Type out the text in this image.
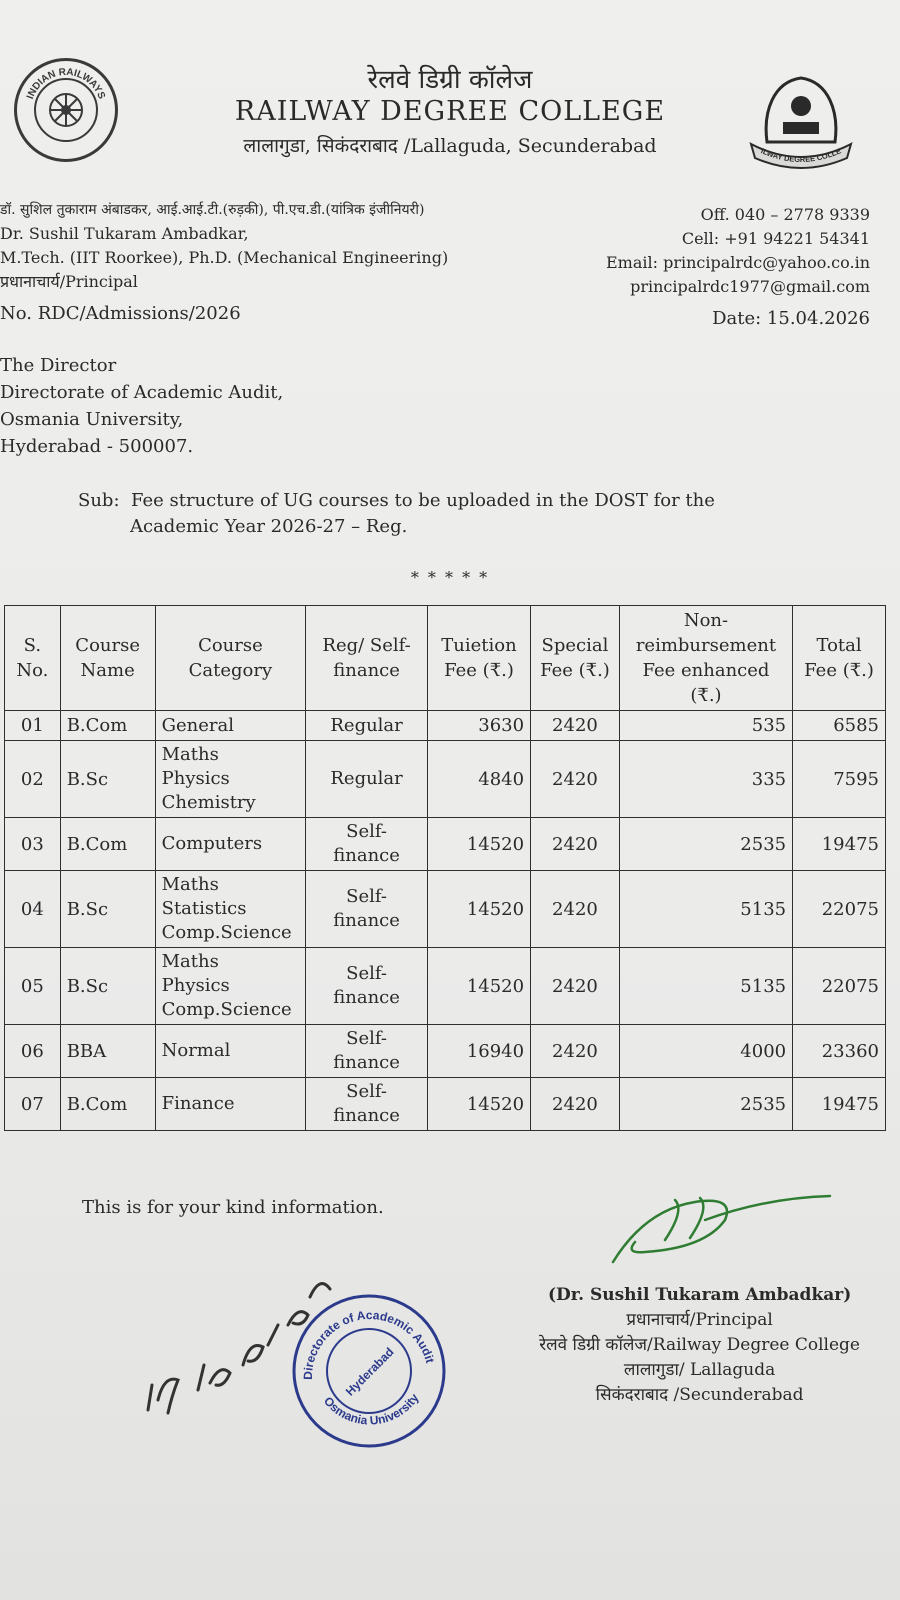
INDIAN RAILWAYS
ILWAY DEGREE COLLE
रेलवे डिग्री कॉलेज
RAILWAY DEGREE COLLEGE
लालागुडा, सिकंदराबाद /Lallaguda, Secunderabad
डॉ. सुशिल तुकाराम अंबाडकर, आई.आई.टी.(रुड़की), पी.एच.डी.(यांत्रिक इंजीनियरी)
Dr. Sushil Tukaram Ambadkar,
M.Tech. (IIT Roorkee), Ph.D. (Mechanical Engineering)
प्रधानाचार्य/Principal
Off. 040 – 2778 9339
Cell: +91 94221 54341
Email: principalrdc@yahoo.co.in
principalrdc1977@gmail.com
No. RDC/Admissions/2026	Date: 15.04.2026
The Director
Directorate of Academic Audit,
Osmania University,
Hyderabad - 500007.
Sub: Fee structure of UG courses to be uploaded in the DOST for the
Academic Year 2026-27 – Reg.
* * * * *
S. No.	Course Name	Course Category	Reg/ Self-finance	Tuietion Fee (₹.)	Special Fee (₹.)	Non-reimbursement Fee enhanced (₹.)	Total Fee (₹.)
01	B.Com	General	Regular	3630	2420	535	6585
02	B.Sc	Maths
Physics
Chemistry	Regular	4840	2420	335	7595
03	B.Com	Computers	Self-
finance	14520	2420	2535	19475
04	B.Sc	Maths
Statistics
Comp.Science	Self-
finance	14520	2420	5135	22075
05	B.Sc	Maths
Physics
Comp.Science	Self-
finance	14520	2420	5135	22075
06	BBA	Normal	Self-
finance	16940	2420	4000	23360
07	B.Com	Finance	Self-
finance	14520	2420	2535	19475
This is for your kind information.
(Dr. Sushil Tukaram Ambadkar)
प्रधानाचार्य/Principal
रेलवे डिग्री कॉलेज/Railway Degree College
लालागुडा/ Lallaguda
सिकंदराबाद /Secunderabad
Directorate of Academic Audit
Osmania University
Hyderabad
